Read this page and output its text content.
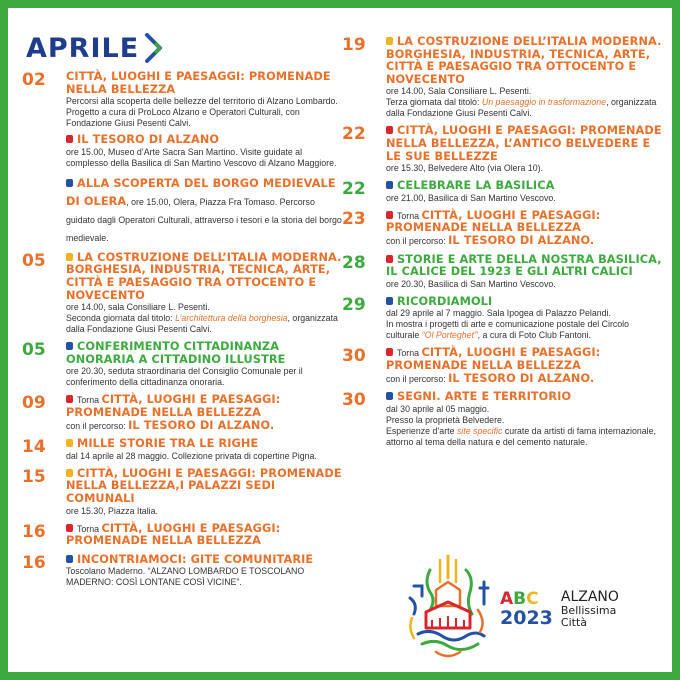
APRILE
02	CITTÀ, LUOGHI E PAESAGGI: PROMENADE NELLA BELLEZZA
Percorsi alla scoperta delle bellezze del territorio di Alzano Lombardo. Progetto a cura di ProLoco Alzano e Operatori Culturali, con Fondazione Giusi Pesenti Calvi.
IL TESORO DI ALZANO
ore 15.00, Museo d’Arte Sacra San Martino. Visite guidate al complesso della Basilica di San Martino Vescovo di Alzano Maggiore.
ALLA SCOPERTA DEL BORGO MEDIEVALE DI OLERA, ore 15.00, Olera, Piazza Fra Tomaso. Percorso guidato dagli Operatori Culturali, attraverso i tesori e la storia del borgo medievale.
05	LA COSTRUZIONE DELL’ITALIA MODERNA. BORGHESIA, INDUSTRIA, TECNICA, ARTE, CITTÀ E PAESAGGIO TRA OTTOCENTO E NOVECENTO
ore 14.00, sala Consiliare L. Pesenti.
Seconda giornata dal titolo: L’architettura della borghesia, organizzata dalla Fondazione Giusi Pesenti Calvi.
05	CONFERIMENTO CITTADINANZA ONORARIA A CITTADINO ILLUSTRE
ore 20.30, seduta straordinaria del Consiglio Comunale per il conferimento della cittadinanza onoraria.
09	Torna CITTÀ, LUOGHI E PAESAGGI: PROMENADE NELLA BELLEZZA
con il percorso: IL TESORO DI ALZANO.
14	MILLE STORIE TRA LE RIGHE
dal 14 aprile al 28 maggio. Collezione privata di copertine Pigna.
15	CITTÀ, LUOGHI E PAESAGGI: PROMENADE NELLA BELLEZZA,I PALAZZI SEDI COMUNALI
ore 15.30, Piazza Italia.
16	Torna CITTÀ, LUOGHI E PAESAGGI: PROMENADE NELLA BELLEZZA
16	INCONTRIAMOCI: GITE COMUNITARIE
Toscolano Maderno. “ALZANO LOMBARDO E TOSCOLANO MADERNO: COSÌ LONTANE COSÌ VICINE”.
19	LA COSTRUZIONE DELL’ITALIA MODERNA. BORGHESIA, INDUSTRIA, TECNICA, ARTE, CITTÀ E PAESAGGIO TRA OTTOCENTO E NOVECENTO
ore 14.00, Sala Consiliare L. Pesenti.
Terza giornata dal titolo: Un paesaggio in trasformazione, organizzata dalla Fondazione Giusi Pesenti Calvi.
22	CITTÀ, LUOGHI E PAESAGGI: PROMENADE NELLA BELLEZZA, L’ANTICO BELVEDERE E LE SUE BELLEZZE
ore 15.30, Belvedere Alto (via Olera 10).
22	CELEBRARE LA BASILICA
ore 21.00, Basilica di San Martino Vescovo.
23	Torna CITTÀ, LUOGHI E PAESAGGI: PROMENADE NELLA BELLEZZA
con il percorso: IL TESORO DI ALZANO.
28	STORIE E ARTE DELLA NOSTRA BASILICA, IL CALICE DEL 1923 E GLI ALTRI CALICI
ore 20.30, Basilica di San Martino Vescovo.
29	RICORDIAMOLI
dal 29 aprile al 7 maggio. Sala Ipogea di Palazzo Pelandi.
In mostra i progetti di arte e comunicazione postale del Circolo culturale “Ol Portegheť”, a cura di Foto Club Fantoni.
30	Torna CITTÀ, LUOGHI E PAESAGGI: PROMENADE NELLA BELLEZZA
con il percorso: IL TESORO DI ALZANO.
30	SEGNI. ARTE E TERRITORIO
dal 30 aprile al 05 maggio.
Presso la proprietà Belvedere.
Esperienze d’arte site specific curate da artisti di fama internazionale, attorno al tema della natura e del cemento naturale.
ABC
2023
ALZANO
Bellissima
Città
